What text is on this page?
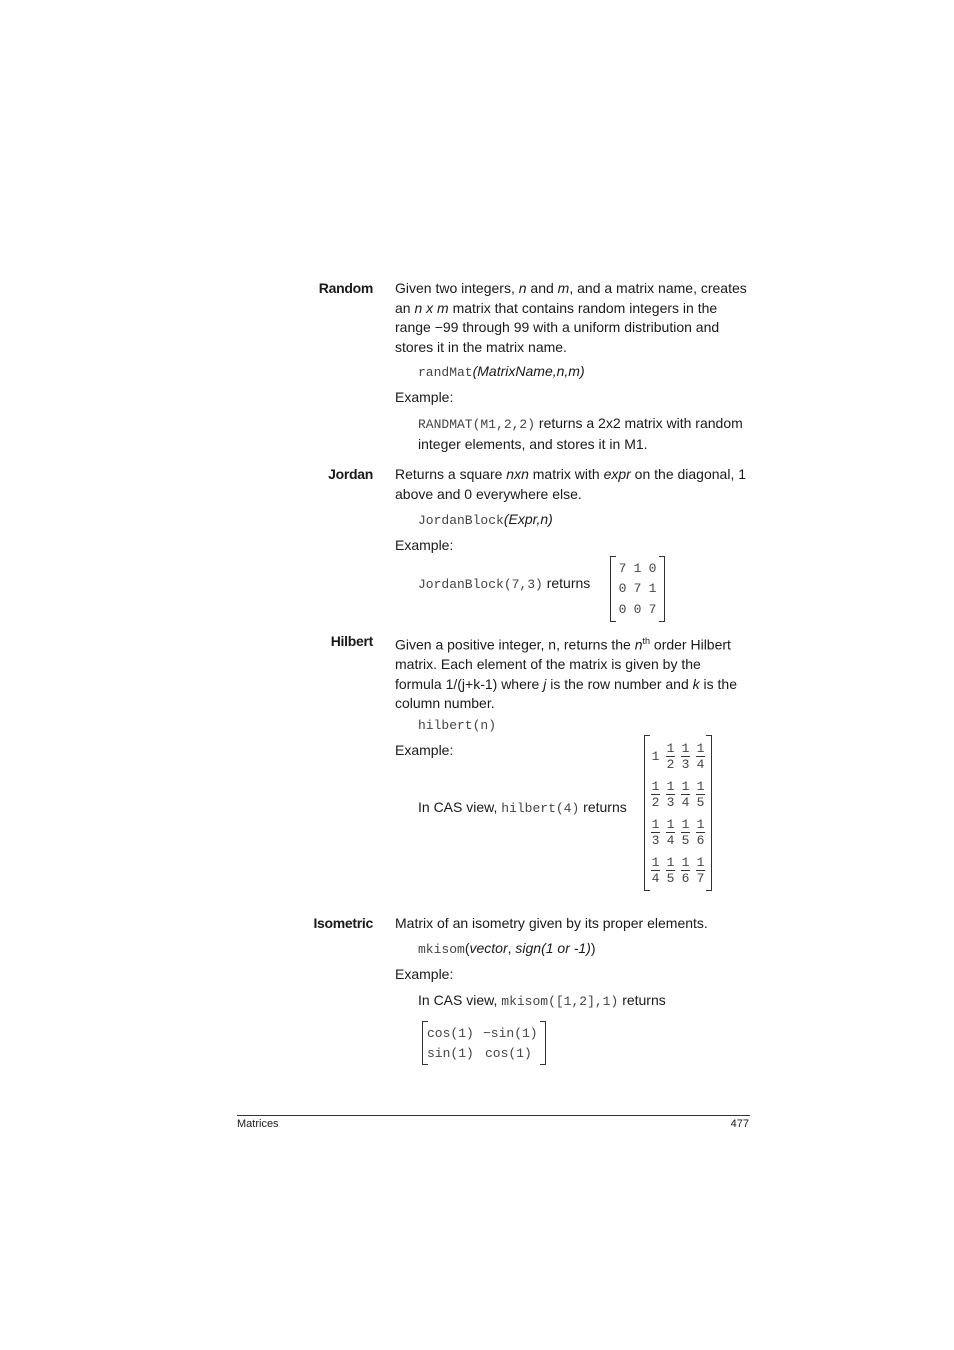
Random Given two integers, n and m, and a matrix name, creates an n x m matrix that contains random integers in the range −99 through 99 with a uniform distribution and stores it in the matrix name.
randMat(MatrixName,n,m)
Example:
RANDMAT(M1,2,2) returns a 2x2 matrix with random integer elements, and stores it in M1.
Jordan Returns a square nxn matrix with expr on the diagonal, 1 above and 0 everywhere else.
JordanBlock(Expr,n)
Example:
JordanBlock(7,3) returns
7 1 0
0 7 1
0 0 7
Hilbert Given a positive integer, n, returns the $n^{th}$ order Hilbert matrix. Each element of the matrix is given by the formula 1/(j+k-1) where j is the row number and k is the column number.
hilbert(n)
Example:
In CAS view, hilbert(4) returns
$1 \frac{1}{2} \frac{1}{3} \frac{1}{4}$
$\frac{1}{2} \frac{1}{3} \frac{1}{4} \frac{1}{5}$
$\frac{1}{3} \frac{1}{4} \frac{1}{5} \frac{1}{6}$
$\frac{1}{4} \frac{1}{5} \frac{1}{6} \frac{1}{7}$
Isometric Matrix of an isometry given by its proper elements.
mkisom(vector, sign(1 or -1))
Example:
In CAS view, mkisom([1,2],1) returns
cos(1) −sin(1)
sin(1) cos(1)
Matrices	477
